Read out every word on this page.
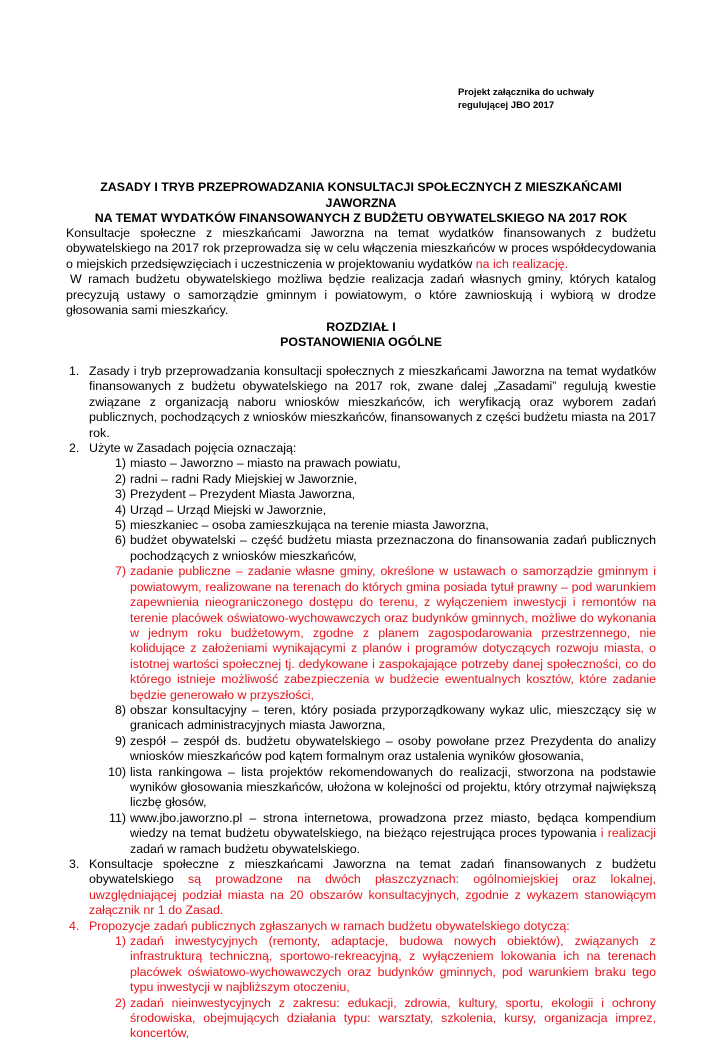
Projekt załącznika do uchwały
regulującej JBO 2017
ZASADY I TRYB PRZEPROWADZANIA KONSULTACJI SPOŁECZNYCH Z MIESZKAŃCAMI JAWORZNA
NA TEMAT WYDATKÓW FINANSOWANYCH Z BUDŻETU OBYWATELSKIEGO NA 2017 ROK

Konsultacje społeczne z mieszkańcami Jaworzna na temat wydatków finansowanych z budżetu obywatelskiego na 2017 rok przeprowadza się w celu włączenia mieszkańców w proces współdecydowania o miejskich przedsięwzięciach i uczestniczenia w projektowaniu wydatków na ich realizację.

W ramach budżetu obywatelskiego możliwa będzie realizacja zadań własnych gminy, których katalog precyzują ustawy o samorządzie gminnym i powiatowym, o które zawnioskują i wybiorą w drodze głosowania sami mieszkańcy.

ROZDZIAŁ I
POSTANOWIENIA OGÓLNE
1. Zasady i tryb przeprowadzania konsultacji społecznych z mieszkańcami Jaworzna na temat wydatków finansowanych z budżetu obywatelskiego na 2017 rok, zwane dalej „Zasadami” regulują kwestie związane z organizacją naboru wniosków mieszkańców, ich weryfikacją oraz wyborem zadań publicznych, pochodzących z wniosków mieszkańców, finansowanych z części budżetu miasta na 2017 rok.
2. Użyte w Zasadach pojęcia oznaczają:
1) miasto – Jaworzno – miasto na prawach powiatu,
2) radni – radni Rady Miejskiej w Jaworznie,
3) Prezydent – Prezydent Miasta Jaworzna,
4) Urząd – Urząd Miejski w Jaworznie,
5) mieszkaniec – osoba zamieszkująca na terenie miasta Jaworzna,
6) budżet obywatelski – część budżetu miasta przeznaczona do finansowania zadań publicznych pochodzących z wniosków mieszkańców,
7) zadanie publiczne – zadanie własne gminy, określone w ustawach o samorządzie gminnym i powiatowym, realizowane na terenach do których gmina posiada tytuł prawny – pod warunkiem zapewnienia nieograniczonego dostępu do terenu, z wyłączeniem inwestycji i remontów na terenie placówek oświatowo-wychowawczych oraz budynków gminnych, możliwe do wykonania w jednym roku budżetowym, zgodne z planem zagospodarowania przestrzennego, nie kolidujące z założeniami wynikającymi z planów i programów dotyczących rozwoju miasta, o istotnej wartości społecznej tj. dedykowane i zaspokajające potrzeby danej społeczności, co do którego istnieje możliwość zabezpieczenia w budżecie ewentualnych kosztów, które zadanie będzie generowało w przyszłości,
8) obszar konsultacyjny – teren, który posiada przyporządkowany wykaz ulic, mieszczący się w granicach administracyjnych miasta Jaworzna,
9) zespół – zespół ds. budżetu obywatelskiego – osoby powołane przez Prezydenta do analizy wniosków mieszkańców pod kątem formalnym oraz ustalenia wyników głosowania,
10) lista rankingowa – lista projektów rekomendowanych do realizacji, stworzona na podstawie wyników głosowania mieszkańców, ułożona w kolejności od projektu, który otrzymał największą liczbę głosów,
11) www.jbo.jaworzno.pl – strona internetowa, prowadzona przez miasto, będąca kompendium wiedzy na temat budżetu obywatelskiego, na bieżąco rejestrująca proces typowania i realizacji zadań w ramach budżetu obywatelskiego.
3. Konsultacje społeczne z mieszkańcami Jaworzna na temat zadań finansowanych z budżetu obywatelskiego są prowadzone na dwóch płaszczyznach: ogólnomiejskiej oraz lokalnej, uwzględniającej podział miasta na 20 obszarów konsultacyjnych, zgodnie z wykazem stanowiącym załącznik nr 1 do Zasad.
4. Propozycje zadań publicznych zgłaszanych w ramach budżetu obywatelskiego dotyczą:
1) zadań inwestycyjnych (remonty, adaptacje, budowa nowych obiektów), związanych z infrastrukturą techniczną, sportowo-rekreacyjną, z wyłączeniem lokowania ich na terenach placówek oświatowo-wychowawczych oraz budynków gminnych, pod warunkiem braku tego typu inwestycji w najbliższym otoczeniu,
2) zadań nieinwestycyjnych z zakresu: edukacji, zdrowia, kultury, sportu, ekologii i ochrony środowiska, obejmujących działania typu: warsztaty, szkolenia, kursy, organizacja imprez, koncertów,
